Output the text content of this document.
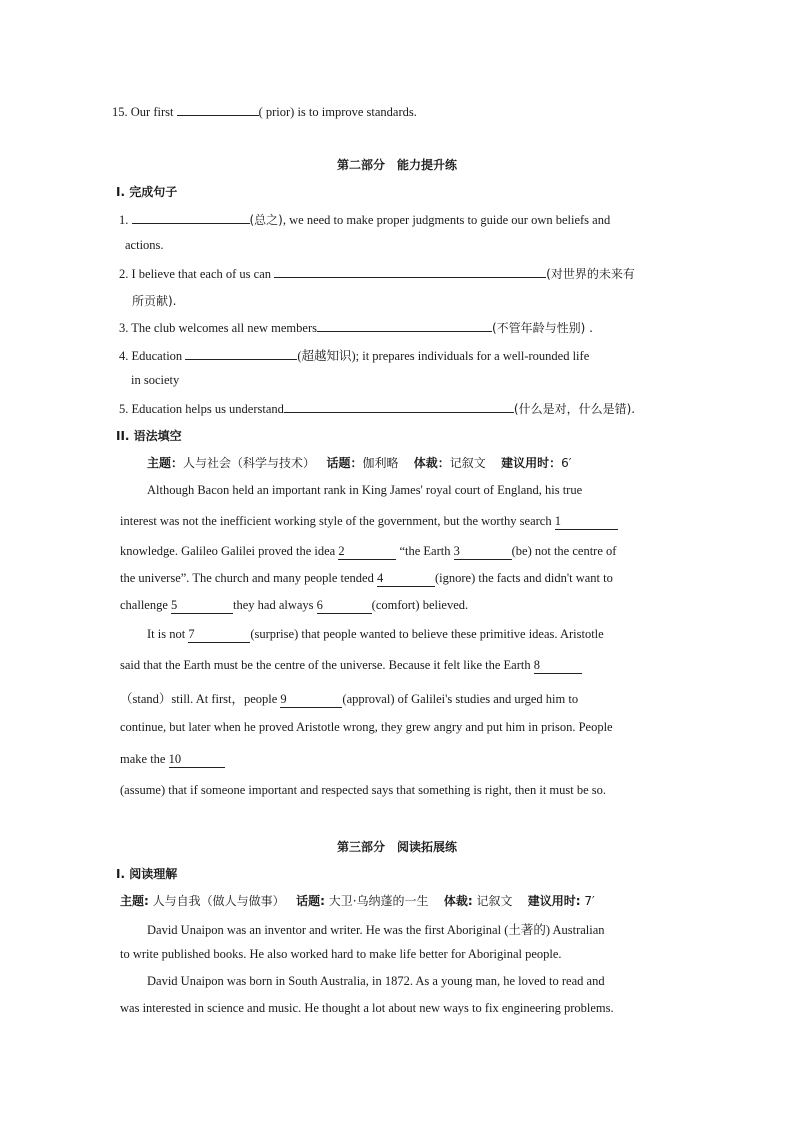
15. Our first	( prior) is to improve standards.
第二部分　能力提升练
I. 完成句子
1.	(总之), we need to make proper judgments to guide our own beliefs and
actions.
2. I believe that each of us can	(对世界的未来有
所贡献).
3. The club welcomes all new members	(不管年龄与性别) .
4. Education	(超越知识); it prepares individuals for a well-rounded life
in society
5. Education helps us understand	(什么是对，什么是错).
II. 语法填空
主题：人与社会（科学与技术） 话题：伽利略 体裁：记叙文 建议用时：6′
Although Bacon held an important rank in King James' royal court of England, his true
interest was not the inefficient working style of the government, but the worthy search 1
knowledge. Galileo Galilei proved the idea 2	“the Earth 3	(be) not the centre of
the universe”. The church and many people tended 4	(ignore) the facts and didn't want to
challenge 5	they had always 6	(comfort) believed.
It is not 7	(surprise) that people wanted to believe these primitive ideas. Aristotle
said that the Earth must be the centre of the universe. Because it felt like the Earth 8
（stand）still. At first，people 9	(approval) of Galilei's studies and urged him to
continue, but later when he proved Aristotle wrong, they grew angry and put him in prison. People
make the 10
(assume) that if someone important and respected says that something is right, then it must be so.
第三部分　阅读拓展练
I. 阅读理解
主题: 人与自我（做人与做事） 话题: 大卫·乌纳蓬的一生 体裁: 记叙文 建议用时: 7′
David Unaipon was an inventor and writer. He was the first Aboriginal (土著的) Australian
to write published books. He also worked hard to make life better for Aboriginal people.
David Unaipon was born in South Australia, in 1872. As a young man, he loved to read and
was interested in science and music. He thought a lot about new ways to fix engineering problems.
